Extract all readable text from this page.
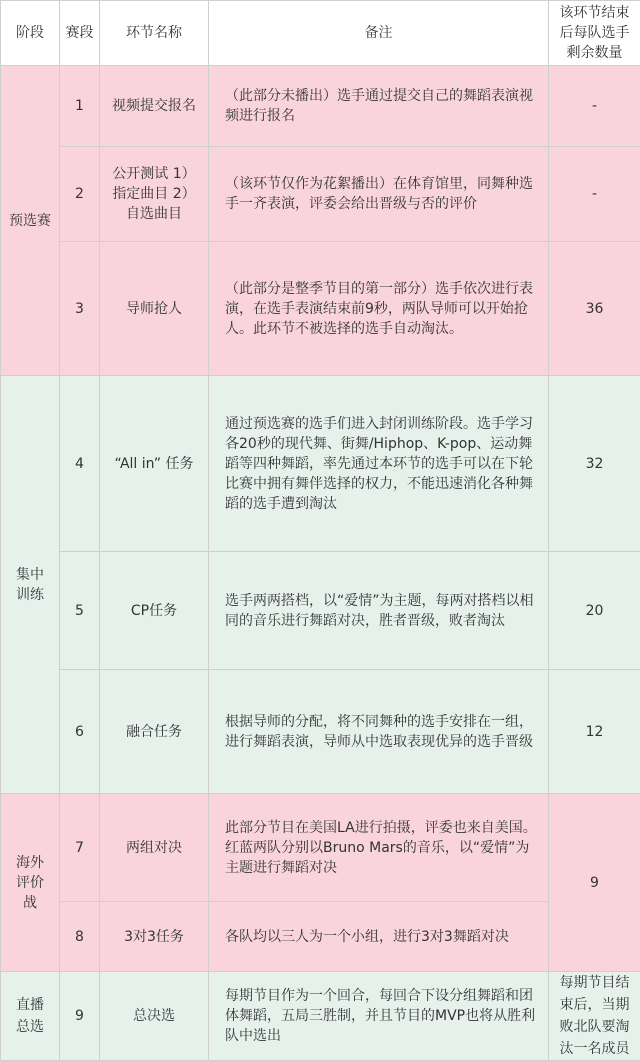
阶段	赛段	环节名称	备注	该环节结束后每队选手剩余数量
预选赛	1	视频提交报名	（此部分未播出）选手通过提交自己的舞蹈表演视频进行报名	-
	2	公开测试 1）指定曲目 2）自选曲目	（该环节仅作为花絮播出）在体育馆里，同舞种选手一齐表演，评委会给出晋级与否的评价	-
	3	导师抢人	（此部分是整季节目的第一部分）选手依次进行表演，在选手表演结束前9秒，两队导师可以开始抢人。此环节不被选择的选手自动淘汰。	36
集中训练	4	“All in” 任务	通过预选赛的选手们进入封闭训练阶段。选手学习各20秒的现代舞、街舞/Hiphop、K-pop、运动舞蹈等四种舞蹈，率先通过本环节的选手可以在下轮比赛中拥有舞伴选择的权力，不能迅速消化各种舞蹈的选手遭到淘汰	32
	5	CP任务	选手两两搭档，以“爱情”为主题，每两对搭档以相同的音乐进行舞蹈对决，胜者晋级，败者淘汰	20
	6	融合任务	根据导师的分配，将不同舞种的选手安排在一组，进行舞蹈表演，导师从中选取表现优异的选手晋级	12
海外评价战	7	两组对决	此部分节目在美国LA进行拍摄，评委也来自美国。红蓝两队分别以Bruno Mars的音乐，以“爱情”为主题进行舞蹈对决	9
	8	3对3任务	各队均以三人为一个小组，进行3对3舞蹈对决	
直播总选	9	总决选	每期节目作为一个回合，每回合下设分组舞蹈和团体舞蹈，五局三胜制，并且节目的MVP也将从胜利队中选出	每期节目结束后，当期败北队要淘汰一名成员
